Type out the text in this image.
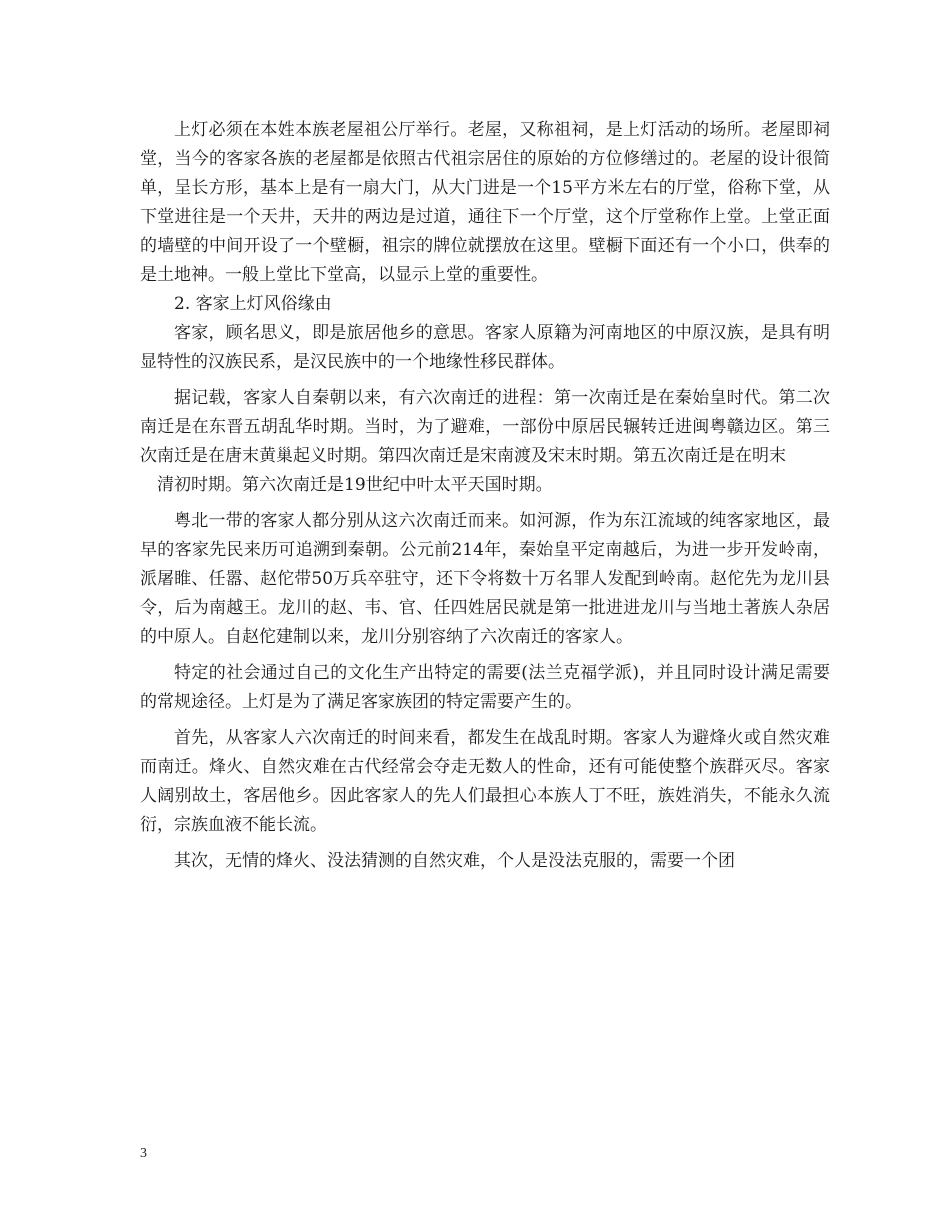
上灯必须在本姓本族老屋祖公厅举行。老屋，又称祖祠，是上灯活动的场所。老屋即祠堂，当今的客家各族的老屋都是依照古代祖宗居住的原始的方位修缮过的。老屋的设计很简单，呈长方形，基本上是有一扇大门，从大门进是一个15平方米左右的厅堂，俗称下堂，从下堂进往是一个天井，天井的两边是过道，通往下一个厅堂，这个厅堂称作上堂。上堂正面的墙壁的中间开设了一个壁橱，祖宗的牌位就摆放在这里。壁橱下面还有一个小口，供奉的是土地神。一般上堂比下堂高，以显示上堂的重要性。

2. 客家上灯风俗缘由

客家，顾名思义，即是旅居他乡的意思。客家人原籍为河南地区的中原汉族，是具有明显特性的汉族民系，是汉民族中的一个地缘性移民群体。

据记载，客家人自秦朝以来，有六次南迁的进程：第一次南迁是在秦始皇时代。第二次南迁是在东晋五胡乱华时期。当时，为了避难，一部份中原居民辗转迁进闽粤赣边区。第三次南迁是在唐末黄巢起义时期。第四次南迁是宋南渡及宋末时期。第五次南迁是在明末

清初时期。第六次南迁是19世纪中叶太平天国时期。

粤北一带的客家人都分别从这六次南迁而来。如河源，作为东江流域的纯客家地区，最早的客家先民来历可追溯到秦朝。公元前214年，秦始皇平定南越后，为进一步开发岭南，派屠睢、任嚣、赵佗带50万兵卒驻守，还下令将数十万名罪人发配到岭南。赵佗先为龙川县令，后为南越王。龙川的赵、韦、官、任四姓居民就是第一批进进龙川与当地土著族人杂居的中原人。自赵佗建制以来，龙川分别容纳了六次南迁的客家人。

特定的社会通过自己的文化生产出特定的需要(法兰克福学派)，并且同时设计满足需要的常规途径。上灯是为了满足客家族团的特定需要产生的。

首先，从客家人六次南迁的时间来看，都发生在战乱时期。客家人为避烽火或自然灾难而南迁。烽火、自然灾难在古代经常会夺走无数人的性命，还有可能使整个族群灭尽。客家人阔别故土，客居他乡。因此客家人的先人们最担心本族人丁不旺，族姓消失，不能永久流衍，宗族血液不能长流。

其次，无情的烽火、没法猜测的自然灾难，个人是没法克服的，需要一个团

3
